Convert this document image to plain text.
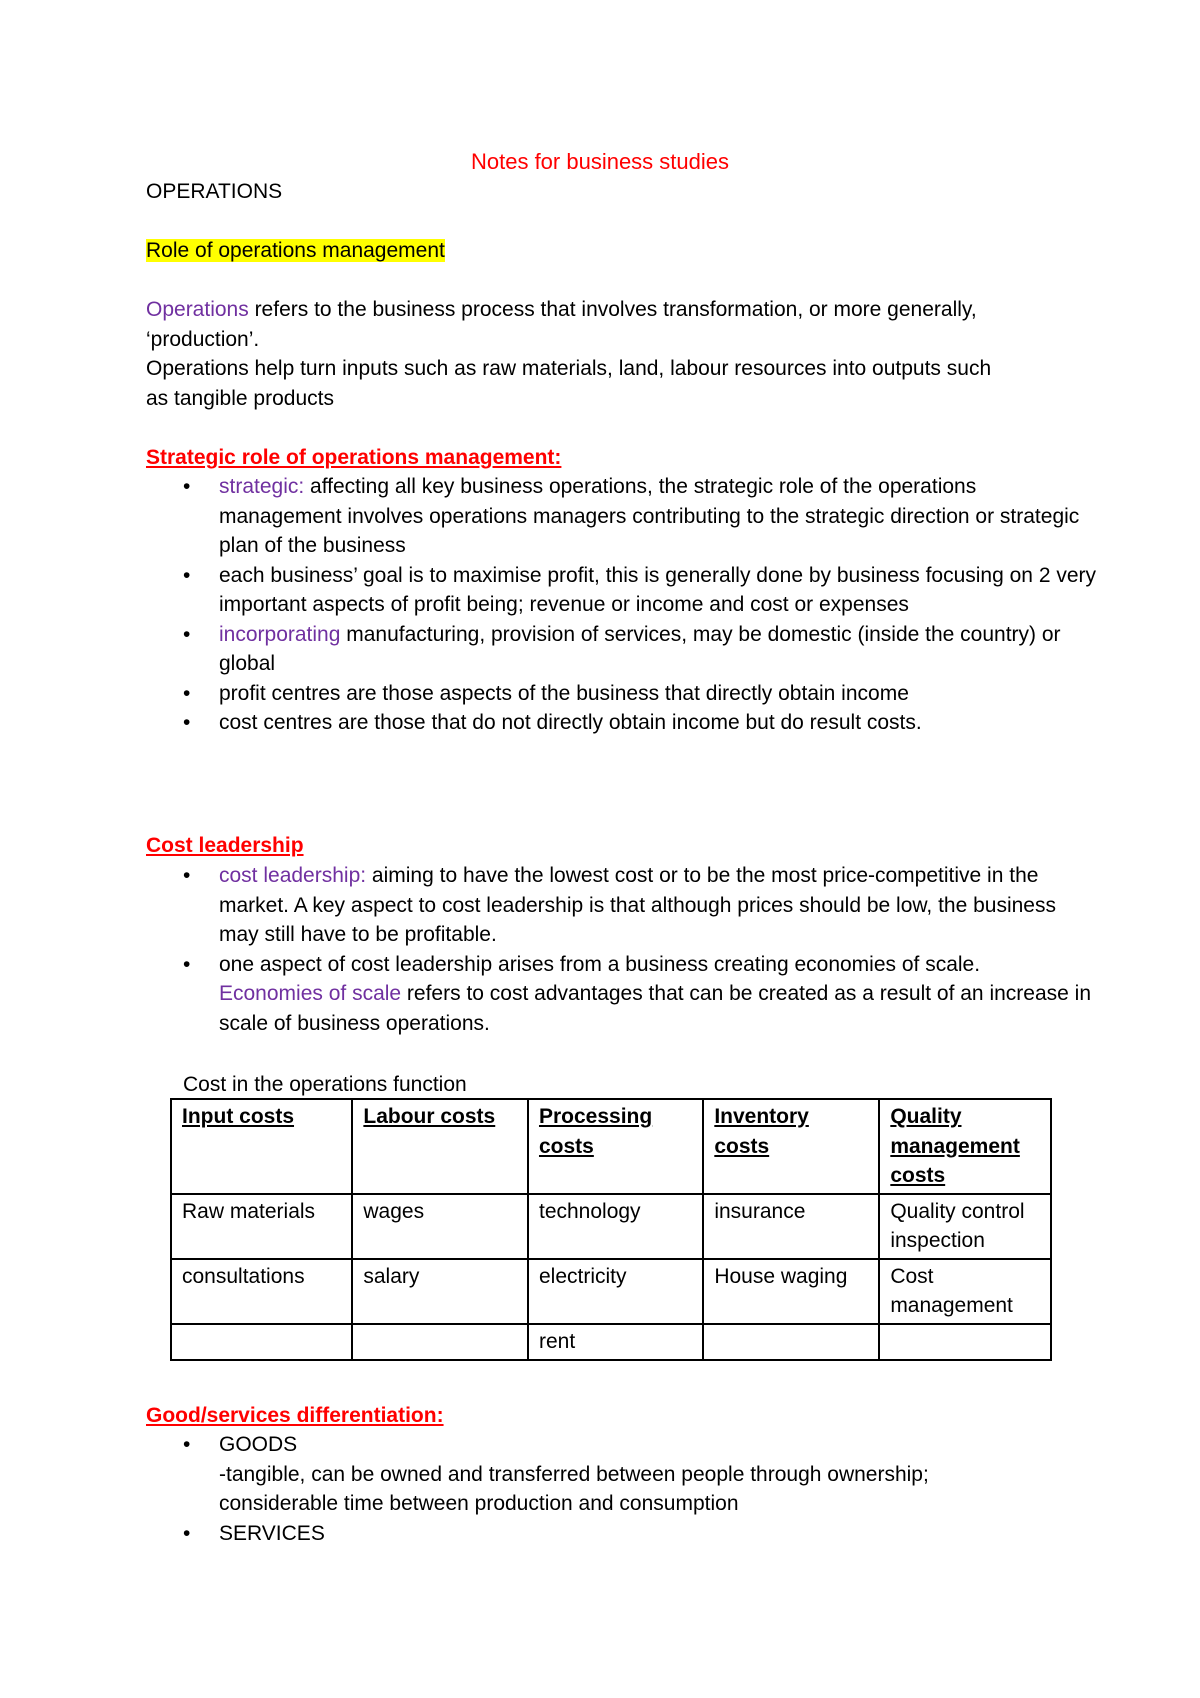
Notes for business studies
OPERATIONS
Role of operations management
Operations refers to the business process that involves transformation, or more generally,
‘production’.
Operations help turn inputs such as raw materials, land, labour resources into outputs such
as tangible products
Strategic role of operations management:
• strategic: affecting all key business operations, the strategic role of the operations management involves operations managers contributing to the strategic direction or strategic plan of the business
• each business’ goal is to maximise profit, this is generally done by business focusing on 2 very important aspects of profit being; revenue or income and cost or expenses
• incorporating manufacturing, provision of services, may be domestic (inside the country) or global
• profit centres are those aspects of the business that directly obtain income
• cost centres are those that do not directly obtain income but do result costs.
Cost leadership
• cost leadership: aiming to have the lowest cost or to be the most price-competitive in the market. A key aspect to cost leadership is that although prices should be low, the business may still have to be profitable.
• one aspect of cost leadership arises from a business creating economies of scale.
Economies of scale refers to cost advantages that can be created as a result of an increase in scale of business operations.
Cost in the operations function
Input costs	Labour costs	Processing costs	Inventory costs	Quality management costs
Raw materials	wages	technology	insurance	Quality control inspection
consultations	salary	electricity	House waging	Cost management
		rent		
Good/services differentiation:
• GOODS
-tangible, can be owned and transferred between people through ownership; considerable time between production and consumption
• SERVICES
